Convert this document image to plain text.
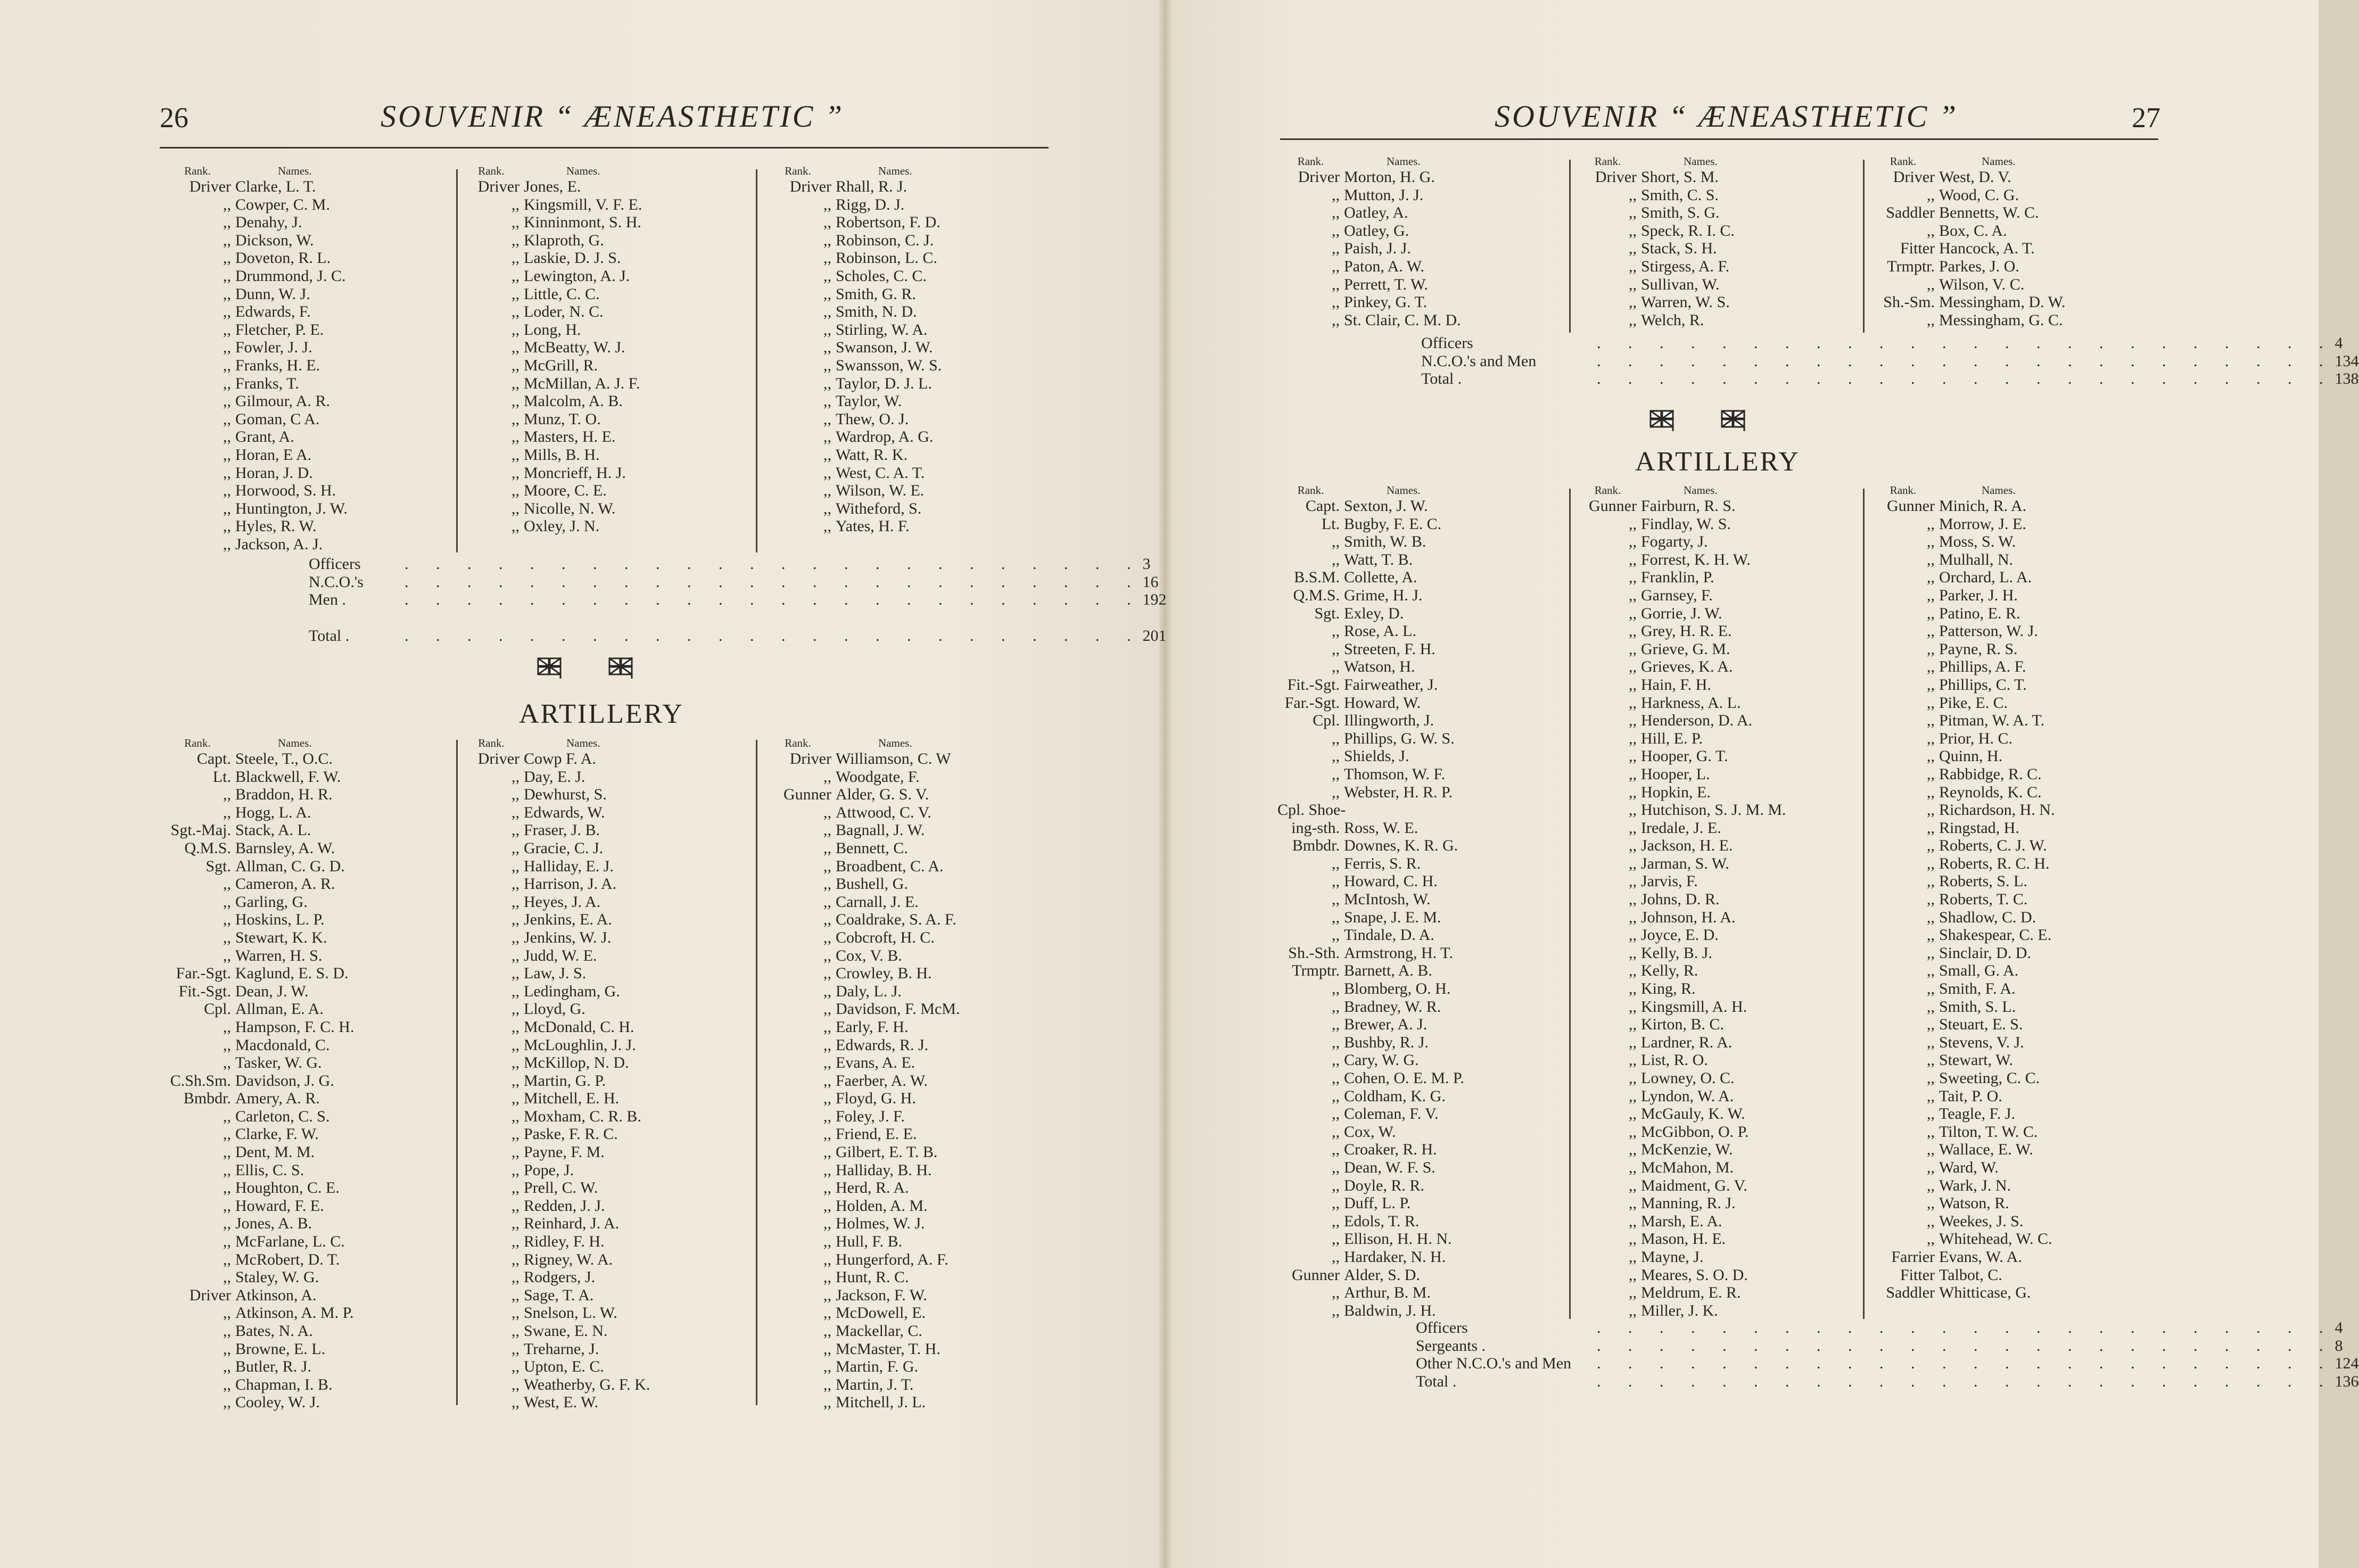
26	SOUVENIR “ ÆNEASTHETIC ”
Rank.	Names.
Driver Clarke, L. T.
,, Cowper, C. M.
,, Denahy, J.
,, Dickson, W.
,, Doveton, R. L.
,, Drummond, J. C.
,, Dunn, W. J.
,, Edwards, F.
,, Fletcher, P. E.
,, Fowler, J. J.
,, Franks, H. E.
,, Franks, T.
,, Gilmour, A. R.
,, Goman, C A.
,, Grant, A.
,, Horan, E A.
,, Horan, J. D.
,, Horwood, S. H.
,, Huntington, J. W.
,, Hyles, R. W.
,, Jackson, A. J.
Rank.	Names.
Driver Jones, E.
,, Kingsmill, V. F. E.
,, Kinninmont, S. H.
,, Klaproth, G.
,, Laskie, D. J. S.
,, Lewington, A. J.
,, Little, C. C.
,, Loder, N. C.
,, Long, H.
,, McBeatty, W. J.
,, McGrill, R.
,, McMillan, A. J. F.
,, Malcolm, A. B.
,, Munz, T. O.
,, Masters, H. E.
,, Mills, B. H.
,, Moncrieff, H. J.
,, Moore, C. E.
,, Nicolle, N. W.
,, Oxley, J. N.
Rank.	Names.
Driver Rhall, R. J.
,, Rigg, D. J.
,, Robertson, F. D.
,, Robinson, C. J.
,, Robinson, L. C.
,, Scholes, C. C.
,, Smith, G. R.
,, Smith, N. D.
,, Stirling, W. A.
,, Swanson, J. W.
,, Swansson, W. S.
,, Taylor, D. J. L.
,, Taylor, W.
,, Thew, O. J.
,, Wardrop, A. G.
,, Watt, R. K.
,, West, C. A. T.
,, Wilson, W. E.
,, Witheford, S.
,, Yates, H. F.
Officers	. . . . . . . . . . . . . . . . . . . . . . . . 3
N.C.O.'s	. . . . . . . . . . . . . . . . . . . . . . . . 16
Men .	. . . . . . . . . . . . . . . . . . . . . . . . 192
Total .	. . . . . . . . . . . . . . . . . . . . . . . . 201
ARTILLERY
Rank.	Names.
Capt. Steele, T., O.C.
Lt. Blackwell, F. W.
,, Braddon, H. R.
,, Hogg, L. A.
Sgt.-Maj. Stack, A. L.
Q.M.S. Barnsley, A. W.
Sgt. Allman, C. G. D.
,, Cameron, A. R.
,, Garling, G.
,, Hoskins, L. P.
,, Stewart, K. K.
,, Warren, H. S.
Far.-Sgt. Kaglund, E. S. D.
Fit.-Sgt. Dean, J. W.
Cpl. Allman, E. A.
,, Hampson, F. C. H.
,, Macdonald, C.
,, Tasker, W. G.
C.Sh.Sm. Davidson, J. G.
Bmbdr. Amery, A. R.
,, Carleton, C. S.
,, Clarke, F. W.
,, Dent, M. M.
,, Ellis, C. S.
,, Houghton, C. E.
,, Howard, F. E.
,, Jones, A. B.
,, McFarlane, L. C.
,, McRobert, D. T.
,, Staley, W. G.
Driver Atkinson, A.
,, Atkinson, A. M. P.
,, Bates, N. A.
,, Browne, E. L.
,, Butler, R. J.
,, Chapman, I. B.
,, Cooley, W. J.
Rank.	Names.
Driver Cowp F. A.
,, Day, E. J.
,, Dewhurst, S.
,, Edwards, W.
,, Fraser, J. B.
,, Gracie, C. J.
,, Halliday, E. J.
,, Harrison, J. A.
,, Heyes, J. A.
,, Jenkins, E. A.
,, Jenkins, W. J.
,, Judd, W. E.
,, Law, J. S.
,, Ledingham, G.
,, Lloyd, G.
,, McDonald, C. H.
,, McLoughlin, J. J.
,, McKillop, N. D.
,, Martin, G. P.
,, Mitchell, E. H.
,, Moxham, C. R. B.
,, Paske, F. R. C.
,, Payne, F. M.
,, Pope, J.
,, Prell, C. W.
,, Redden, J. J.
,, Reinhard, J. A.
,, Ridley, F. H.
,, Rigney, W. A.
,, Rodgers, J.
,, Sage, T. A.
,, Snelson, L. W.
,, Swane, E. N.
,, Treharne, J.
,, Upton, E. C.
,, Weatherby, G. F. K.
,, West, E. W.
Rank.	Names.
Driver Williamson, C. W
,, Woodgate, F.
Gunner Alder, G. S. V.
,, Attwood, C. V.
,, Bagnall, J. W.
,, Bennett, C.
,, Broadbent, C. A.
,, Bushell, G.
,, Carnall, J. E.
,, Coaldrake, S. A. F.
,, Cobcroft, H. C.
,, Cox, V. B.
,, Crowley, B. H.
,, Daly, L. J.
,, Davidson, F. McM.
,, Early, F. H.
,, Edwards, R. J.
,, Evans, A. E.
,, Faerber, A. W.
,, Floyd, G. H.
,, Foley, J. F.
,, Friend, E. E.
,, Gilbert, E. T. B.
,, Halliday, B. H.
,, Herd, R. A.
,, Holden, A. M.
,, Holmes, W. J.
,, Hull, F. B.
,, Hungerford, A. F.
,, Hunt, R. C.
,, Jackson, F. W.
,, McDowell, E.
,, Mackellar, C.
,, McMaster, T. H.
,, Martin, F. G.
,, Martin, J. T.
,, Mitchell, J. L.
SOUVENIR “ ÆNEASTHETIC ”	27
Rank.	Names.
Driver Morton, H. G.
,, Mutton, J. J.
,, Oatley, A.
,, Oatley, G.
,, Paish, J. J.
,, Paton, A. W.
,, Perrett, T. W.
,, Pinkey, G. T.
,, St. Clair, C. M. D.
Rank.	Names.
Driver Short, S. M.
,, Smith, C. S.
,, Smith, S. G.
,, Speck, R. I. C.
,, Stack, S. H.
,, Stirgess, A. F.
,, Sullivan, W.
,, Warren, W. S.
,, Welch, R.
Rank.	Names.
Driver West, D. V.
,, Wood, C. G.
Saddler Bennetts, W. C.
,, Box, C. A.
Fitter Hancock, A. T.
Trmptr. Parkes, J. O.
,, Wilson, V. C.
Sh.-Sm. Messingham, D. W.
,, Messingham, G. C.
Officers	. . . . . . . . . . . . . . . . . . . . . . . . 4
N.C.O.'s and Men	. . . . . . . . . . . . . . . . . . . . . . . . 134
Total .	. . . . . . . . . . . . . . . . . . . . . . . . 138
ARTILLERY
Rank.	Names.
Capt. Sexton, J. W.
Lt. Bugby, F. E. C.
,, Smith, W. B.
,, Watt, T. B.
B.S.M. Collette, A.
Q.M.S. Grime, H. J.
Sgt. Exley, D.
,, Rose, A. L.
,, Streeten, F. H.
,, Watson, H.
Fit.-Sgt. Fairweather, J.
Far.-Sgt. Howard, W.
Cpl. Illingworth, J.
,, Phillips, G. W. S.
,, Shields, J.
,, Thomson, W. F.
,, Webster, H. R. P.
Cpl. Shoe-
ing-sth. Ross, W. E.
Bmbdr. Downes, K. R. G.
,, Ferris, S. R.
,, Howard, C. H.
,, McIntosh, W.
,, Snape, J. E. M.
,, Tindale, D. A.
Sh.-Sth. Armstrong, H. T.
Trmptr. Barnett, A. B.
,, Blomberg, O. H.
,, Bradney, W. R.
,, Brewer, A. J.
,, Bushby, R. J.
,, Cary, W. G.
,, Cohen, O. E. M. P.
,, Coldham, K. G.
,, Coleman, F. V.
,, Cox, W.
,, Croaker, R. H.
,, Dean, W. F. S.
,, Doyle, R. R.
,, Duff, L. P.
,, Edols, T. R.
,, Ellison, H. H. N.
,, Hardaker, N. H.
Gunner Alder, S. D.
,, Arthur, B. M.
,, Baldwin, J. H.
Rank.	Names.
Gunner Fairburn, R. S.
,, Findlay, W. S.
,, Fogarty, J.
,, Forrest, K. H. W.
,, Franklin, P.
,, Garnsey, F.
,, Gorrie, J. W.
,, Grey, H. R. E.
,, Grieve, G. M.
,, Grieves, K. A.
,, Hain, F. H.
,, Harkness, A. L.
,, Henderson, D. A.
,, Hill, E. P.
,, Hooper, G. T.
,, Hooper, L.
,, Hopkin, E.
,, Hutchison, S. J. M. M.
,, Iredale, J. E.
,, Jackson, H. E.
,, Jarman, S. W.
,, Jarvis, F.
,, Johns, D. R.
,, Johnson, H. A.
,, Joyce, E. D.
,, Kelly, B. J.
,, Kelly, R.
,, King, R.
,, Kingsmill, A. H.
,, Kirton, B. C.
,, Lardner, R. A.
,, List, R. O.
,, Lowney, O. C.
,, Lyndon, W. A.
,, McGauly, K. W.
,, McGibbon, O. P.
,, McKenzie, W.
,, McMahon, M.
,, Maidment, G. V.
,, Manning, R. J.
,, Marsh, E. A.
,, Mason, H. E.
,, Mayne, J.
,, Meares, S. O. D.
,, Meldrum, E. R.
,, Miller, J. K.
Rank.	Names.
Gunner Minich, R. A.
,, Morrow, J. E.
,, Moss, S. W.
,, Mulhall, N.
,, Orchard, L. A.
,, Parker, J. H.
,, Patino, E. R.
,, Patterson, W. J.
,, Payne, R. S.
,, Phillips, A. F.
,, Phillips, C. T.
,, Pike, E. C.
,, Pitman, W. A. T.
,, Prior, H. C.
,, Quinn, H.
,, Rabbidge, R. C.
,, Reynolds, K. C.
,, Richardson, H. N.
,, Ringstad, H.
,, Roberts, C. J. W.
,, Roberts, R. C. H.
,, Roberts, S. L.
,, Roberts, T. C.
,, Shadlow, C. D.
,, Shakespear, C. E.
,, Sinclair, D. D.
,, Small, G. A.
,, Smith, F. A.
,, Smith, S. L.
,, Steuart, E. S.
,, Stevens, V. J.
,, Stewart, W.
,, Sweeting, C. C.
,, Tait, P. O.
,, Teagle, F. J.
,, Tilton, T. W. C.
,, Wallace, E. W.
,, Ward, W.
,, Wark, J. N.
,, Watson, R.
,, Weekes, J. S.
,, Whitehead, W. C.
Farrier Evans, W. A.
Fitter Talbot, C.
Saddler Whitticase, G.
Officers	. . . . . . . . . . . . . . . . . . . . . . . . 4
Sergeants .	. . . . . . . . . . . . . . . . . . . . . . . . 8
Other N.C.O.'s and Men	. . . . . . . . . . . . . . . . . . . . . . . . 124
Total .	. . . . . . . . . . . . . . . . . . . . . . . . 136
